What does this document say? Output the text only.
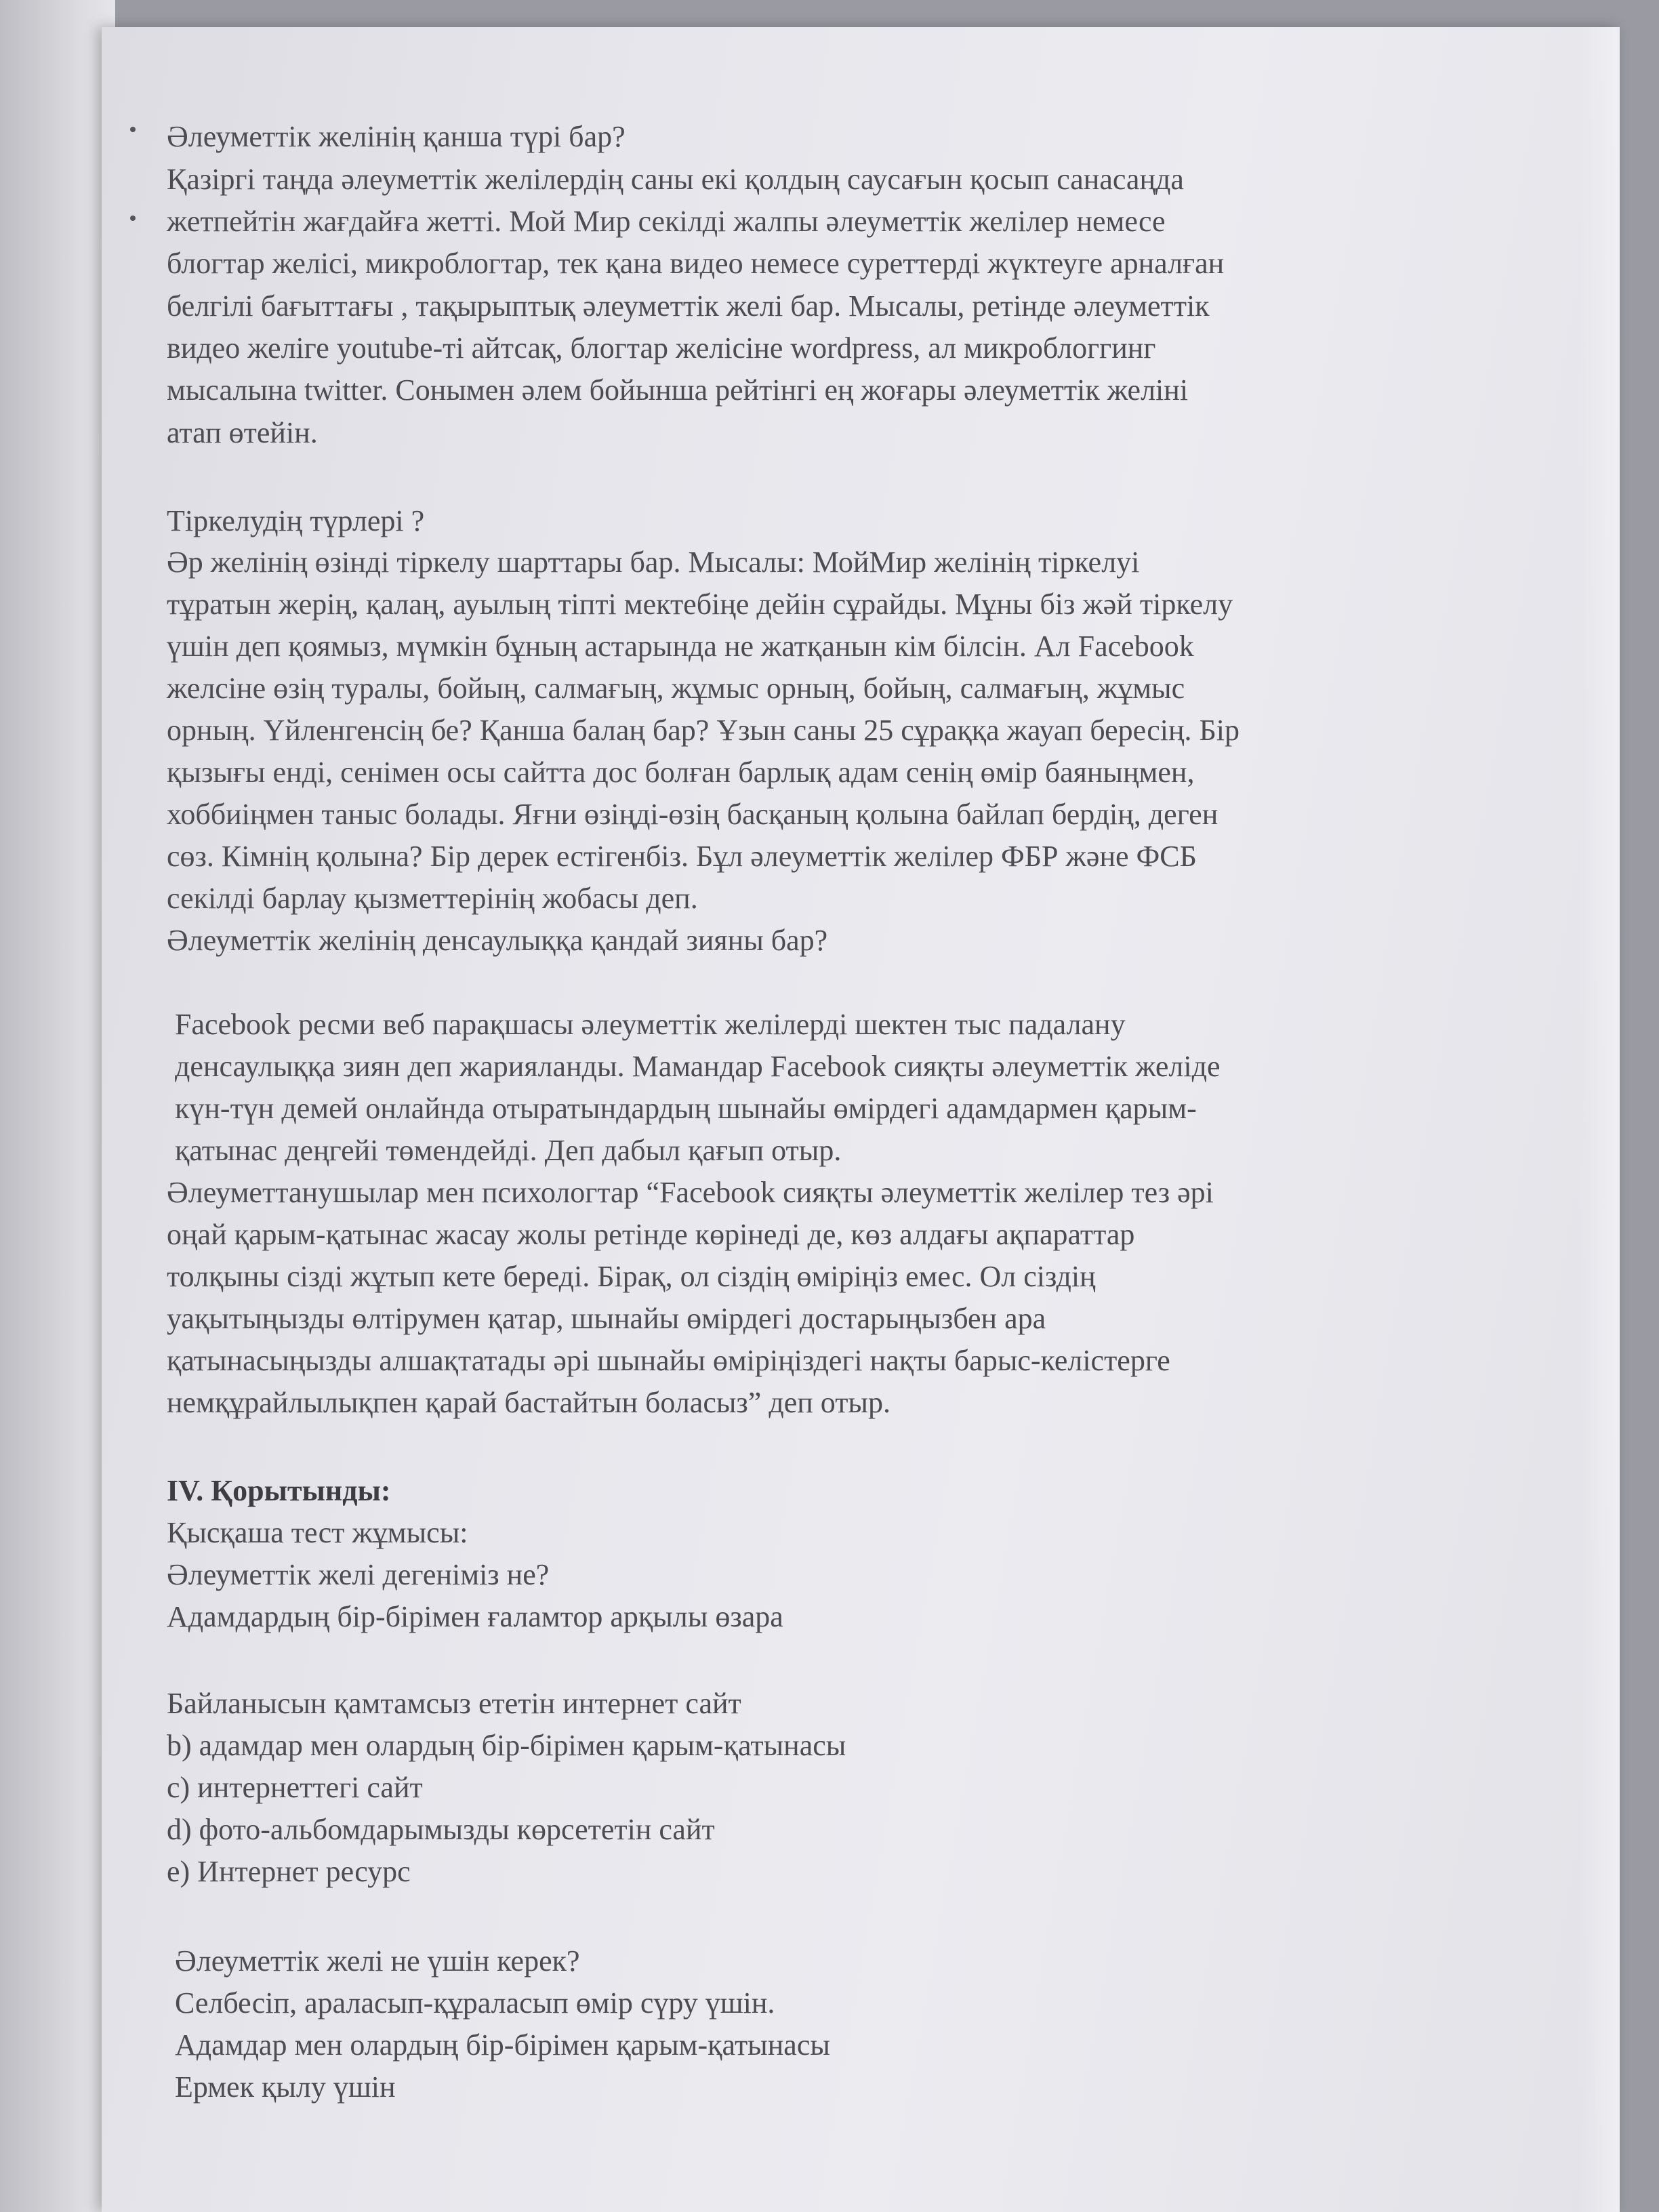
Әлеуметтік желінің қанша түрі бар?
Қазіргі таңда әлеуметтік желілердің саны екі қолдың саусағын қосып санасаңда
жетпейтін жағдайға жетті. Мой Мир секілді жалпы әлеуметтік желілер немесе
блогтар желісі, микроблогтар, тек қана видео немесе суреттерді жүктеуге арналған
белгілі бағыттағы , тақырыптық әлеуметтік желі бар. Мысалы, ретінде әлеуметтік
видео желіге youtube-ті айтсақ, блогтар желісіне wordpress, ал микроблоггинг
мысалына twitter. Сонымен әлем бойынша рейтінгі ең жоғары әлеуметтік желіні
атап өтейін.
Тіркелудің түрлері ?
Әр желінің өзінді тіркелу шарттары бар. Мысалы: МойМир желінің тіркелуі
тұратын жерің, қалаң, ауылың тіпті мектебіңе дейін сұрайды. Мұны біз жәй тіркелу
үшін деп қоямыз, мүмкін бұның астарында не жатқанын кім білсін. Ал Facebook
желсіне өзің туралы, бойың, салмағың, жұмыс орның, бойың, салмағың, жұмыс
орның. Үйленгенсің бе? Қанша балаң бар? Ұзын саны 25 сұраққа жауап бересің. Бір
қызығы енді, сенімен осы сайтта дос болған барлық адам сенің өмір баяныңмен,
хоббиіңмен таныс болады. Яғни өзіңді-өзің басқаның қолына байлап бердің, деген
сөз. Кімнің қолына? Бір дерек естігенбіз. Бұл әлеуметтік желілер ФБР және ФСБ
секілді барлау қызметтерінің жобасы деп.
Әлеуметтік желінің денсаулыққа қандай зияны бар?
Facebook ресми веб парақшасы әлеуметтік желілерді шектен тыс падалану
денсаулыққа зиян деп жарияланды. Мамандар Facebook сияқты әлеуметтік желіде
күн-түн демей онлайнда отыратындардың шынайы өмірдегі адамдармен қарым-
қатынас деңгейі төмендейді. Деп дабыл қағып отыр.
Әлеуметтанушылар мен психологтар “Facebook сияқты әлеуметтік желілер тез әрі
оңай қарым-қатынас жасау жолы ретінде көрінеді де, көз алдағы ақпараттар
толқыны сізді жұтып кете береді. Бірақ, ол сіздің өміріңіз емес. Ол сіздің
уақытыңызды өлтірумен қатар, шынайы өмірдегі достарыңызбен ара
қатынасыңызды алшақтатады әрі шынайы өміріңіздегі нақты барыс-келістерге
немқұрайлылықпен қарай бастайтын боласыз” деп отыр.
IV. Қорытынды:
Қысқаша тест жұмысы:
Әлеуметтік желі дегеніміз не?
Адамдардың бір-бірімен ғаламтор арқылы өзара
Байланысын қамтамсыз ететін интернет сайт
b) адамдар мен олардың бір-бірімен қарым-қатынасы
c) интернеттегі сайт
d) фото-альбомдарымызды көрсететін сайт
e) Интернет ресурс
Әлеуметтік желі не үшін керек?
Селбесіп, араласып-құраласып өмір сүру үшін.
Адамдар мен олардың бір-бірімен қарым-қатынасы
Ермек қылу үшін
